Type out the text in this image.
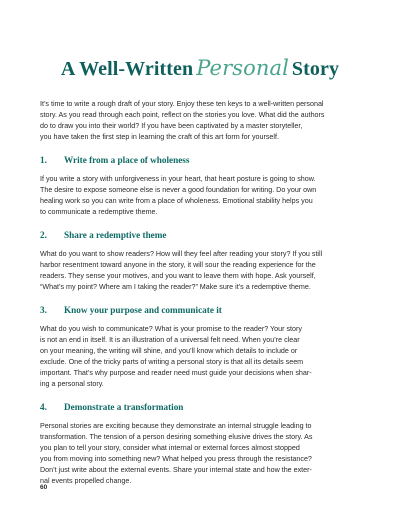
A Well-Written Personal Story

It’s time to write a rough draft of your story. Enjoy these ten keys to a well-written personal
story. As you read through each point, reflect on the stories you love. What did the authors
do to draw you into their world? If you have been captivated by a master storyteller,
you have taken the first step in learning the craft of this art form for yourself.

1.	Write from a place of wholeness

If you write a story with unforgiveness in your heart, that heart posture is going to show.
The desire to expose someone else is never a good foundation for writing. Do your own
healing work so you can write from a place of wholeness. Emotional stability helps you
to communicate a redemptive theme.

2.	Share a redemptive theme

What do you want to show readers? How will they feel after reading your story? If you still
harbor resentment toward anyone in the story, it will sour the reading experience for the
readers. They sense your motives, and you want to leave them with hope. Ask yourself,
“What’s my point? Where am I taking the reader?” Make sure it’s a redemptive theme.

3.	Know your purpose and communicate it

What do you wish to communicate? What is your promise to the reader? Your story
is not an end in itself. It is an illustration of a universal felt need. When you’re clear
on your meaning, the writing will shine, and you’ll know which details to include or
exclude. One of the tricky parts of writing a personal story is that all its details seem
important. That’s why purpose and reader need must guide your decisions when shar-
ing a personal story.

4.	Demonstrate a transformation

Personal stories are exciting because they demonstrate an internal struggle leading to
transformation. The tension of a person desiring something elusive drives the story. As
you plan to tell your story, consider what internal or external forces almost stopped
you from moving into something new? What helped you press through the resistance?
Don’t just write about the external events. Share your internal state and how the exter-
nal events propelled change.

60
